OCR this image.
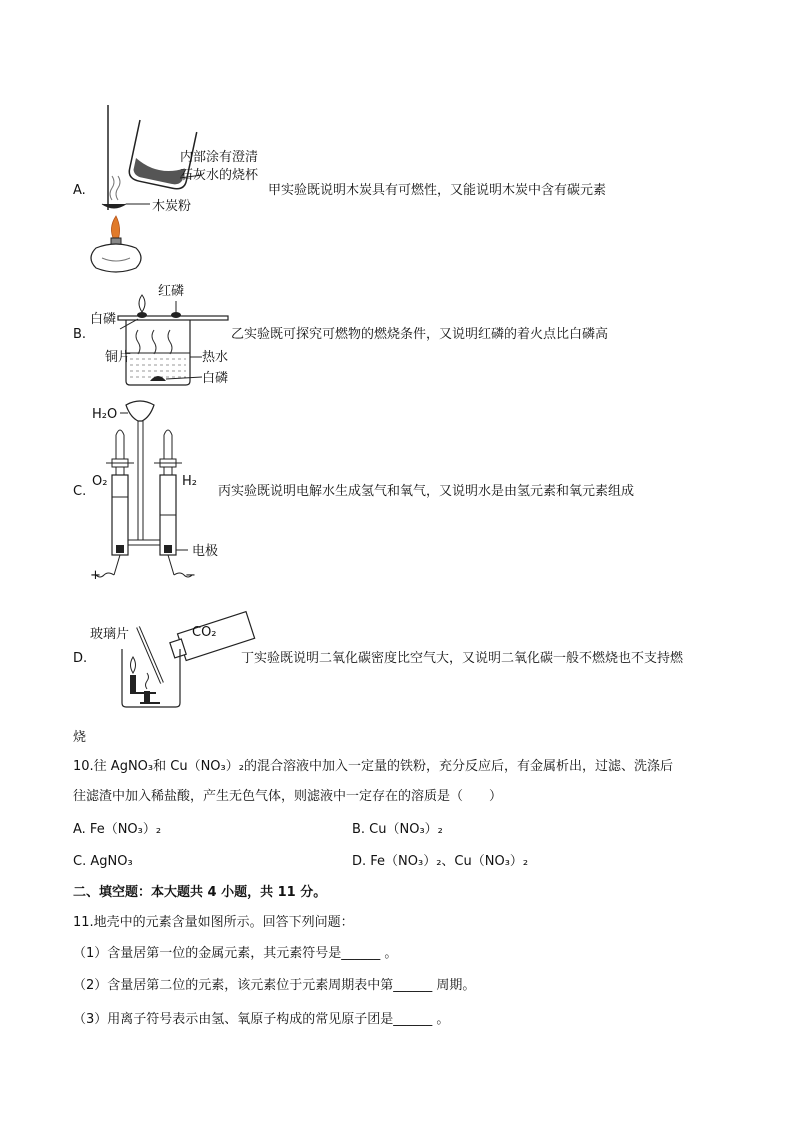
A.
内部涂有澄清
石灰水的烧杯
木炭粉
甲实验既说明木炭具有可燃性，又能说明木炭中含有碳元素
B.
红磷
白磷
铜片	热水
白磷
乙实验既可探究可燃物的燃烧条件，又说明红磷的着火点比白磷高
C.
H₂O
O₂	H₂
电极
+	−
丙实验既说明电解水生成氢气和氧气，又说明水是由氢元素和氧元素组成
D.
玻璃片	CO₂
丁实验既说明二氧化碳密度比空气大，又说明二氧化碳一般不燃烧也不支持燃
烧
10.往 AgNO₃和 Cu（NO₃）₂的混合溶液中加入一定量的铁粉，充分反应后，有金属析出，过滤、洗涤后
往滤渣中加入稀盐酸，产生无色气体，则滤液中一定存在的溶质是（　　）
A. Fe（NO₃）₂	B. Cu（NO₃）₂
C. AgNO₃	D. Fe（NO₃）₂、Cu（NO₃）₂
二、填空题：本大题共 4 小题，共 11 分。
11.地壳中的元素含量如图所示。回答下列问题：
（1）含量居第一位的金属元素，其元素符号是______ 。
（2）含量居第二位的元素，该元素位于元素周期表中第______ 周期。
（3）用离子符号表示由氢、氧原子构成的常见原子团是______ 。
